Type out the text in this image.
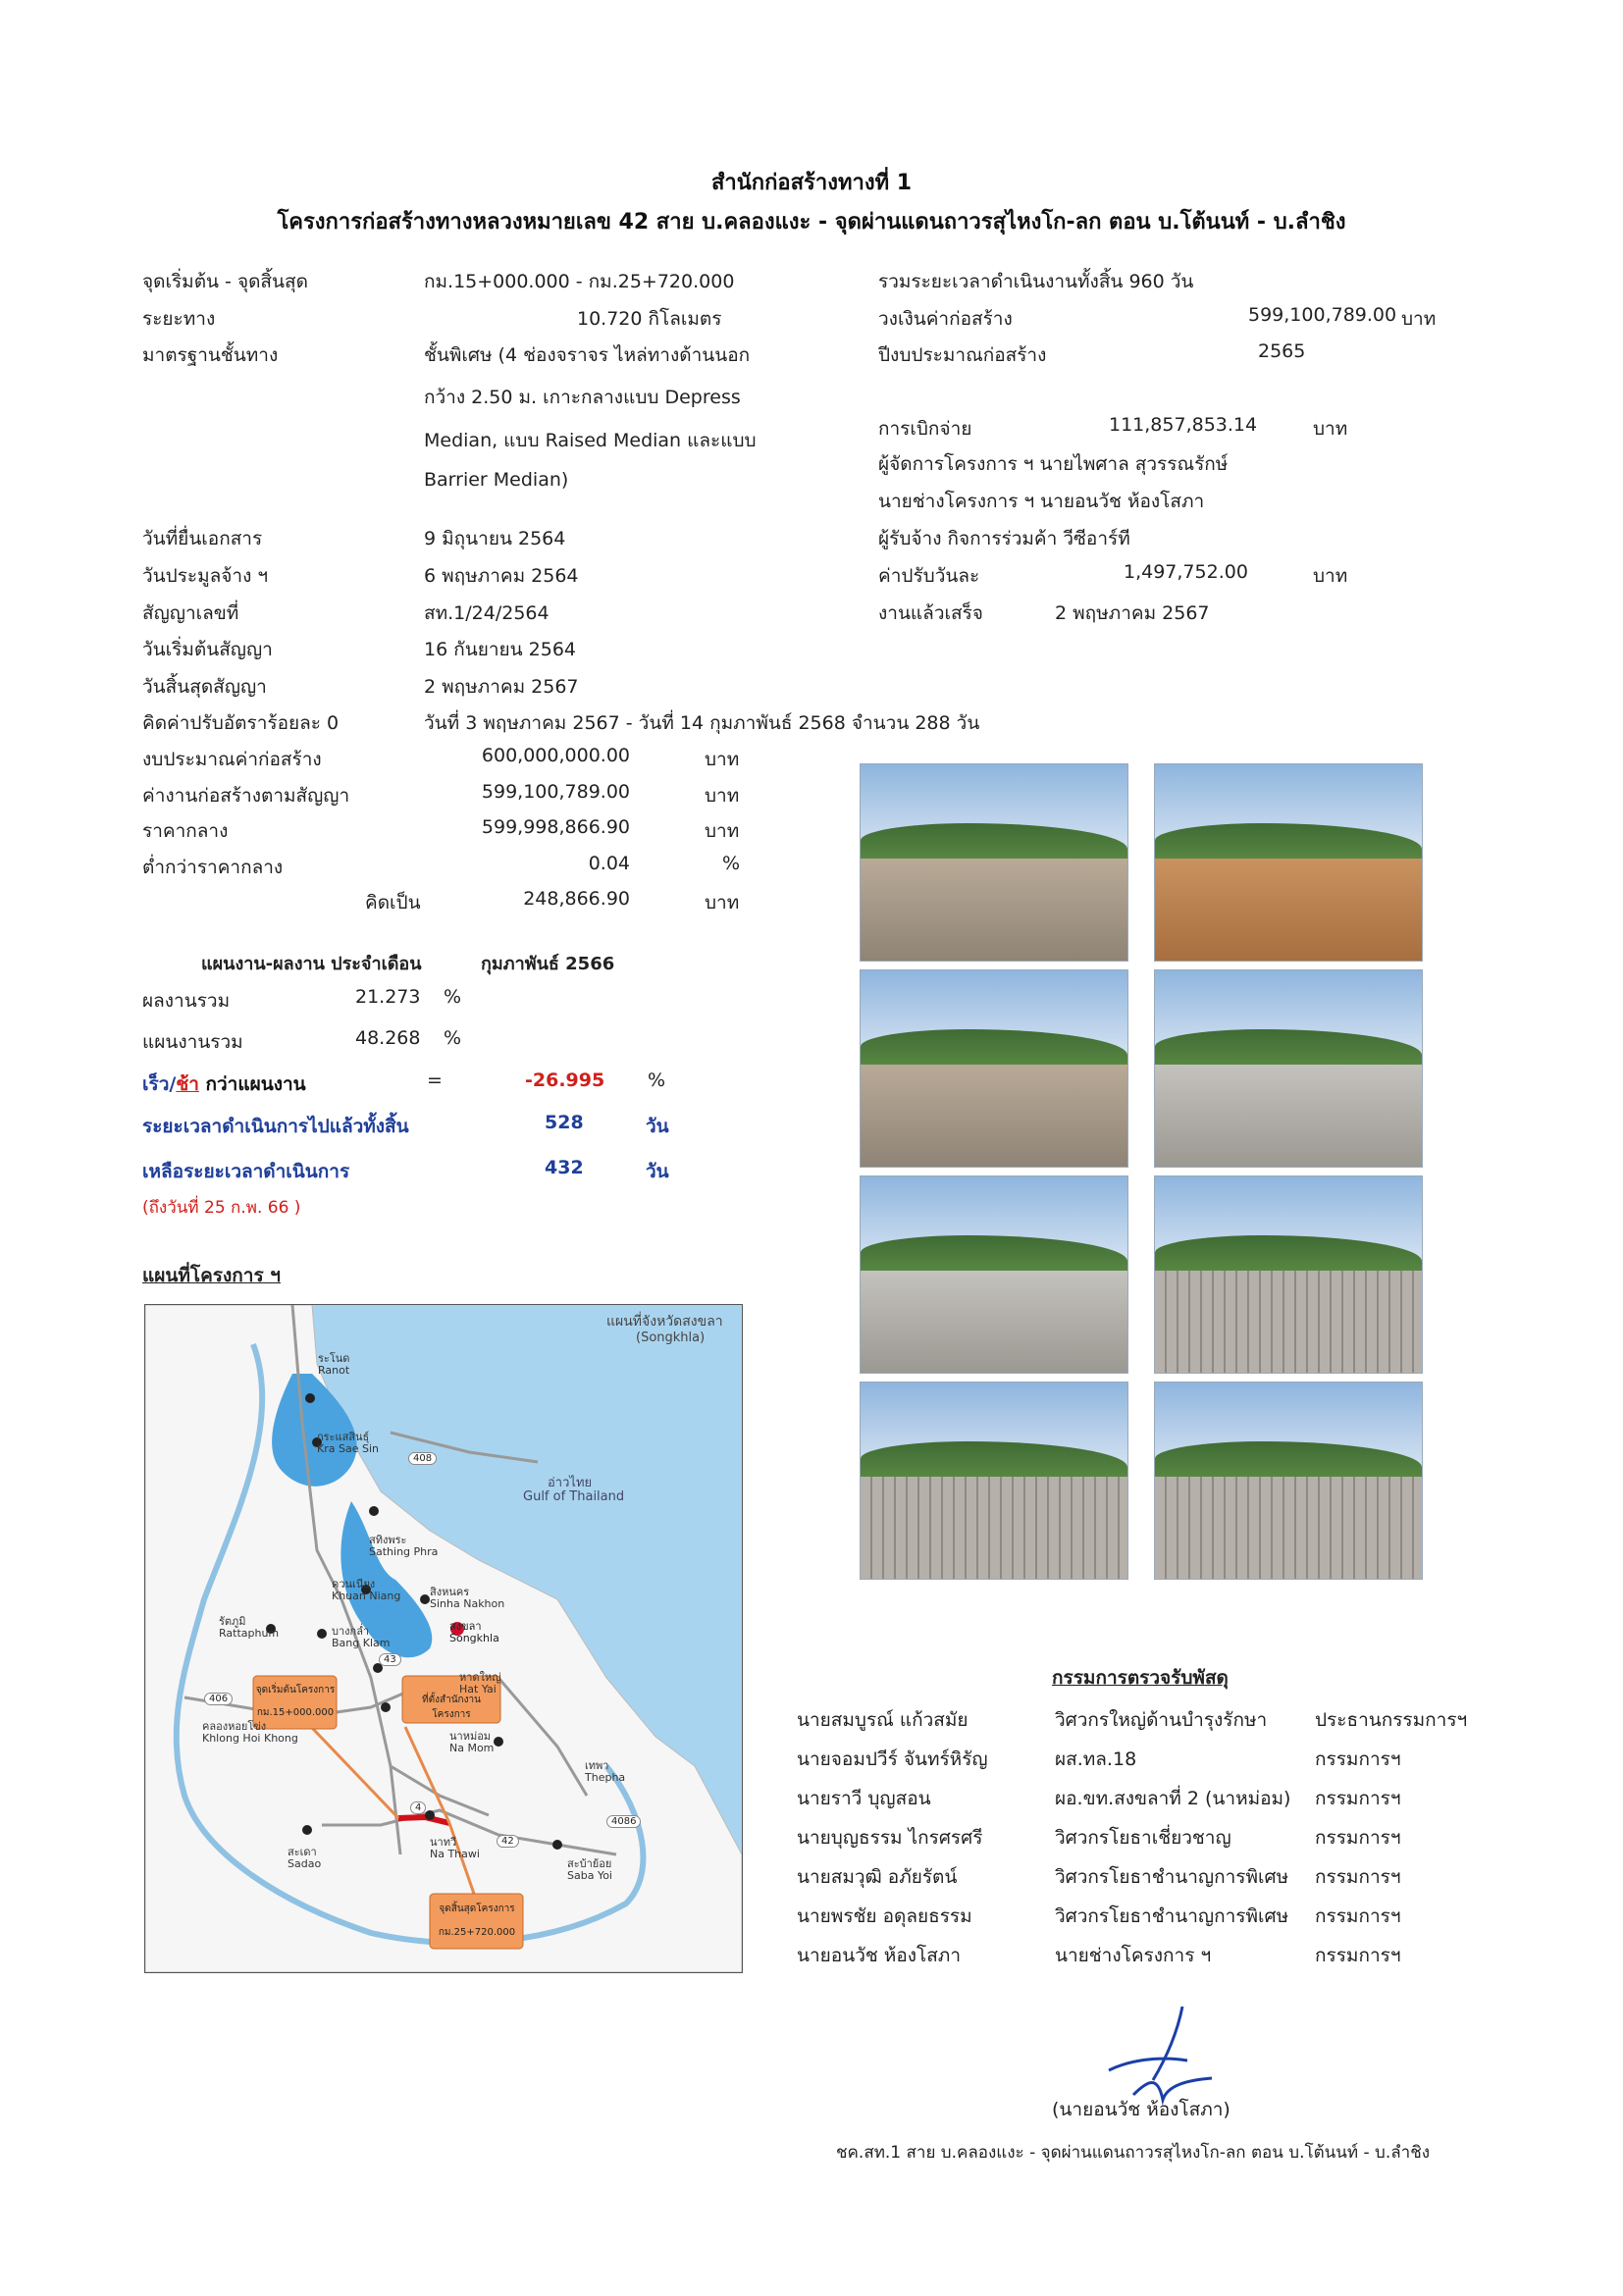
สำนักก่อสร้างทางที่ 1
โครงการก่อสร้างทางหลวงหมายเลข 42 สาย บ.คลองแงะ - จุดผ่านแดนถาวรสุไหงโก-ลก ตอน บ.โต้นนท์ - บ.ลำชิง
จุดเริ่มต้น - จุดสิ้นสุด	กม.15+000.000 - กม.25+720.000
ระยะทาง	10.720 กิโลเมตร
มาตรฐานชั้นทาง	ชั้นพิเศษ (4 ช่องจราจร ไหล่ทางด้านนอก
กว้าง 2.50 ม. เกาะกลางแบบ Depress
Median, แบบ Raised Median และแบบ
Barrier Median)
วันที่ยื่นเอกสาร	9 มิถุนายน 2564
วันประมูลจ้าง ฯ	6 พฤษภาคม 2564
สัญญาเลขที่	สท.1/24/2564
วันเริ่มต้นสัญญา	16 กันยายน 2564
วันสิ้นสุดสัญญา	2 พฤษภาคม 2567
คิดค่าปรับอัตราร้อยละ 0	วันที่ 3 พฤษภาคม 2567 - วันที่ 14 กุมภาพันธ์ 2568 จำนวน 288 วัน
งบประมาณค่าก่อสร้าง	600,000,000.00	บาท
ค่างานก่อสร้างตามสัญญา	599,100,789.00	บาท
ราคากลาง	599,998,866.90	บาท
ต่ำกว่าราคากลาง	0.04	%
คิดเป็น	248,866.90	บาท
รวมระยะเวลาดำเนินงานทั้งสิ้น 960 วัน
วงเงินค่าก่อสร้าง	599,100,789.00 บาท
ปีงบประมาณก่อสร้าง	2565
การเบิกจ่าย	111,857,853.14	บาท
ผู้จัดการโครงการ ฯ นายไพศาล สุวรรณรักษ์
นายช่างโครงการ ฯ นายอนวัช ห้องโสภา
ผู้รับจ้าง กิจการร่วมค้า วีซีอาร์ที
ค่าปรับวันละ	1,497,752.00	บาท
งานแล้วเสร็จ	2 พฤษภาคม 2567
แผนงาน-ผลงาน ประจำเดือน	กุมภาพันธ์ 2566
ผลงานรวม	21.273 %
แผนงานรวม	48.268 %
เร็ว/ช้า กว่าแผนงาน	=	-26.995 %
ระยะเวลาดำเนินการไปแล้วทั้งสิ้น	528	วัน
เหลือระยะเวลาดำเนินการ	432	วัน
(ถึงวันที่ 25 ก.พ. 66 )
แผนที่โครงการ ฯ
แผนที่จังหวัดสงขลา
(Songkhla)
อ่าวไทย
Gulf of Thailand
ระโนด
Ranot
กระแสสินธุ์
Kra Sae Sin
สทิงพระ
Sathing Phra
ควนเนียง
Khuan Niang	สิงหนคร
Sinha Nakhon
สงขลา
Songkhla
รัตภูมิ
Rattaphum	บางกล่ำ
Bang Klam
หาดใหญ่
Hat Yai
คลองหอยโข่ง
Khlong Hoi Khong	นาหม่อม
Na Mom
เทพา
Thepha
สะเดา
Sadao
นาทวี
Na Thawi
สะบ้าย้อย
Saba Yoi
408
43
406
42
4
4086
จุดเริ่มต้นโครงการ
กม.15+000.000
ที่ตั้งสำนักงานโครงการ
จุดสิ้นสุดโครงการ
กม.25+720.000
กรรมการตรวจรับพัสดุ
นายสมบูรณ์ แก้วสมัย	วิศวกรใหญ่ด้านบำรุงรักษา	ประธานกรรมการฯ
นายจอมปวีร์ จันทร์หิรัญ	ผส.ทล.18	กรรมการฯ
นายราวี บุญสอน	ผอ.ขท.สงขลาที่ 2 (นาหม่อม) กรรมการฯ
นายบุญธรรม ไกรศรศรี	วิศวกรโยธาเชี่ยวชาญ	กรรมการฯ
นายสมวุฒิ อภัยรัตน์	วิศวกรโยธาชำนาญการพิเศษ กรรมการฯ
นายพรชัย อดุลยธรรม	วิศวกรโยธาชำนาญการพิเศษ กรรมการฯ
นายอนวัช ห้องโสภา	นายช่างโครงการ ฯ	กรรมการฯ
(นายอนวัช ห้องโสภา)
ชค.สท.1 สาย บ.คลองแงะ - จุดผ่านแดนถาวรสุไหงโก-ลก ตอน บ.โต้นนท์ - บ.ลำชิง
